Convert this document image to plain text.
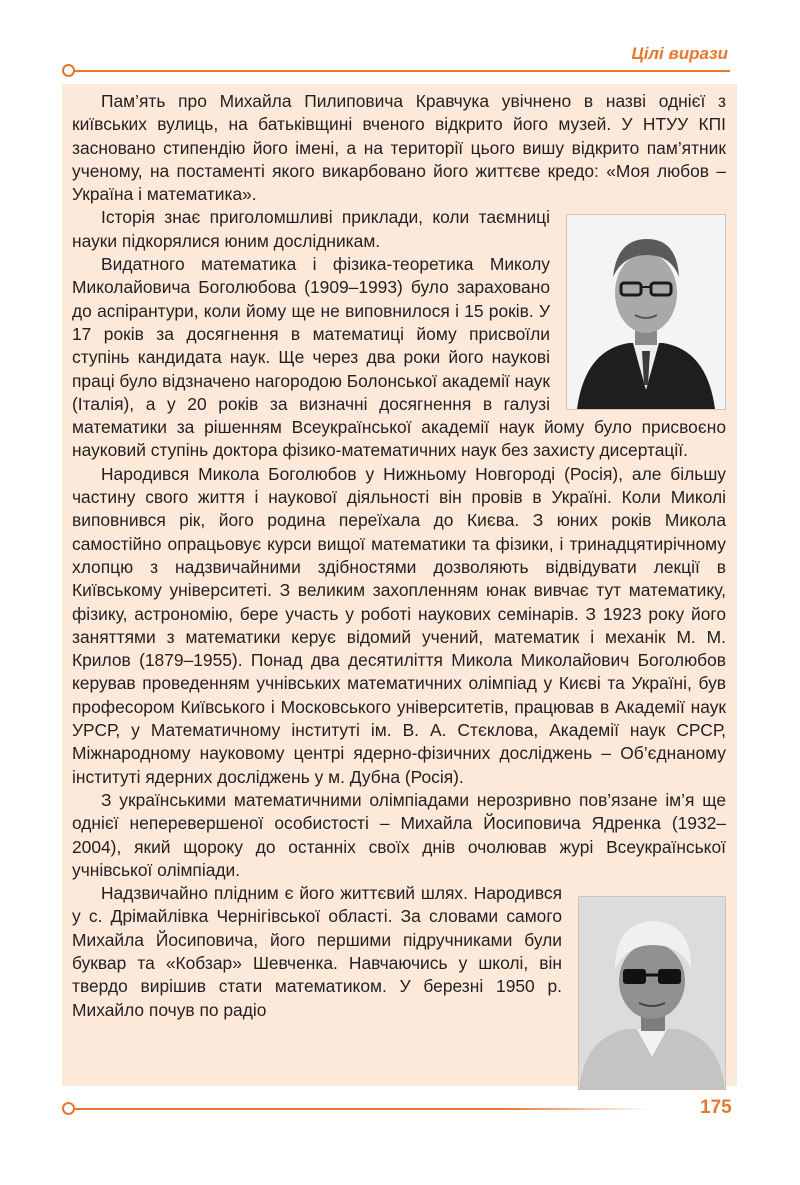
Цілі вирази

Пам’ять про Михайла Пилиповича Кравчука увічнено в назві однієї з київських вулиць, на батьківщині вченого відкрито його музей. У НТУУ КПІ засновано стипендію його імені, а на території цього вишу відкрито пам’ятник ученому, на постаменті якого викарбовано його життєве кредо: «Моя любов – Україна і математика».

Історія знає приголомшливі приклади, коли таємниці науки підкорялися юним дослідникам.

Видатного математика і фізика-теоретика Миколу Миколайовича Боголюбова (1909–1993) було зараховано до аспірантури, коли йому ще не виповнилося і 15 років. У 17 років за досягнення в математиці йому присвоїли ступінь кандидата наук. Ще через два роки його наукові праці було відзначено нагородою Болонської академії наук (Італія), а у 20 років за визначні досягнення в галузі математики за рішенням Всеукраїнської академії наук йому було присвоєно науковий ступінь доктора фізико-математичних наук без захисту дисертації.

Народився Микола Боголюбов у Нижньому Новгороді (Росія), але більшу частину свого життя і наукової діяльності він провів в Україні. Коли Миколі виповнився рік, його родина переїхала до Києва. З юних років Микола самостійно опрацьовує курси вищої математики та фізики, і тринадцятирічному хлопцю з надзвичайними здібностями дозволяють відвідувати лекції в Київському університеті. З великим захопленням юнак вивчає тут математику, фізику, астрономію, бере участь у роботі наукових семінарів. З 1923 року його заняттями з математики керує відомий учений, математик і механік М. М. Крилов (1879–1955). Понад два десятиліття Микола Миколайович Боголюбов керував проведенням учнівських математичних олімпіад у Києві та Україні, був професором Київського і Московського університетів, працював в Академії наук УРСР, у Математичному інституті ім. В. А. Стєклова, Академії наук СРСР, Міжнародному науковому центрі ядерно-фізичних досліджень – Об’єднаному інституті ядерних досліджень у м. Дубна (Росія).

З українськими математичними олімпіадами нерозривно пов’язане ім’я ще однієї неперевершеної особистості – Михайла Йосиповича Ядренка (1932–2004), який щороку до останніх своїх днів очолював журі Всеукраїнської учнівської олімпіади.

Надзвичайно плідним є його життєвий шлях. Народився у с. Дрімайлівка Чернігівської області. За словами самого Михайла Йосиповича, його першими підручниками були буквар та «Кобзар» Шевченка. Навчаючись у школі, він твердо вирішив стати математиком. У березні 1950 р. Михайло почув по радіо

175
